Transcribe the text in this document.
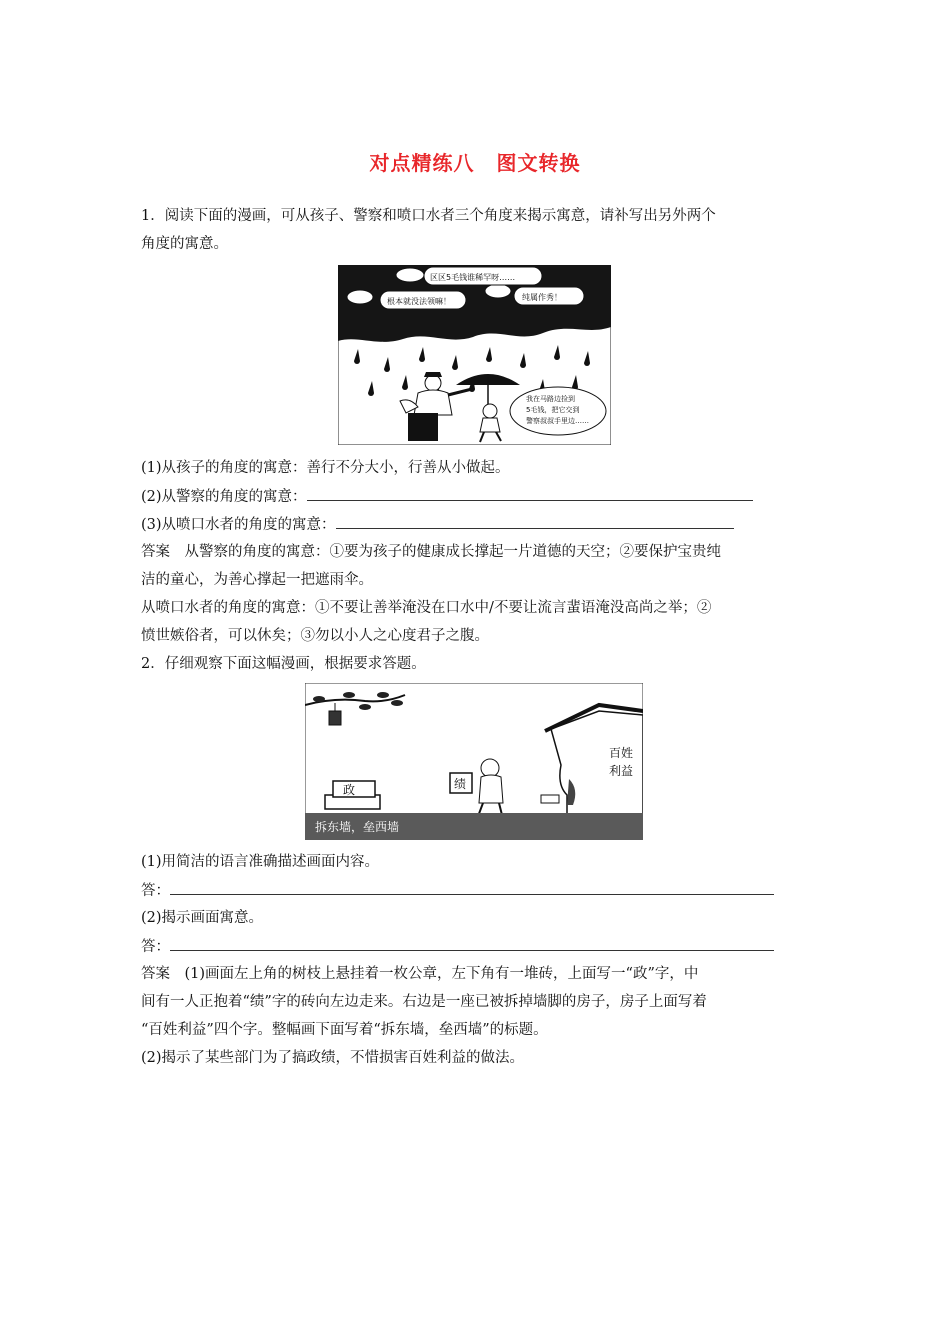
对点精练八 图文转换
1．阅读下面的漫画，可从孩子、警察和喷口水者三个角度来揭示寓意，请补写出另外两个
角度的寓意。
区区5毛钱谁稀罕呀……
根本就没法领嘛！	纯属作秀！
我在马路边捡到
5毛钱，把它交到
警察叔叔手里边……
(1)从孩子的角度的寓意：善行不分大小，行善从小做起。
(2)从警察的角度的寓意：
(3)从喷口水者的角度的寓意：
答案　从警察的角度的寓意：①要为孩子的健康成长撑起一片道德的天空；②要保护宝贵纯
洁的童心，为善心撑起一把遮雨伞。
从喷口水者的角度的寓意：①不要让善举淹没在口水中/不要让流言蜚语淹没高尚之举；②
愤世嫉俗者，可以休矣；③勿以小人之心度君子之腹。
2．仔细观察下面这幅漫画，根据要求答题。
政	绩
百姓
利益
拆东墙，垒西墙
(1)用简洁的语言准确描述画面内容。
答：
(2)揭示画面寓意。
答：
答案　(1)画面左上角的树枝上悬挂着一枚公章，左下角有一堆砖，上面写一“政”字，中
间有一人正抱着“绩”字的砖向左边走来。右边是一座已被拆掉墙脚的房子，房子上面写着
“百姓利益”四个字。整幅画下面写着“拆东墙，垒西墙”的标题。
(2)揭示了某些部门为了搞政绩，不惜损害百姓利益的做法。
